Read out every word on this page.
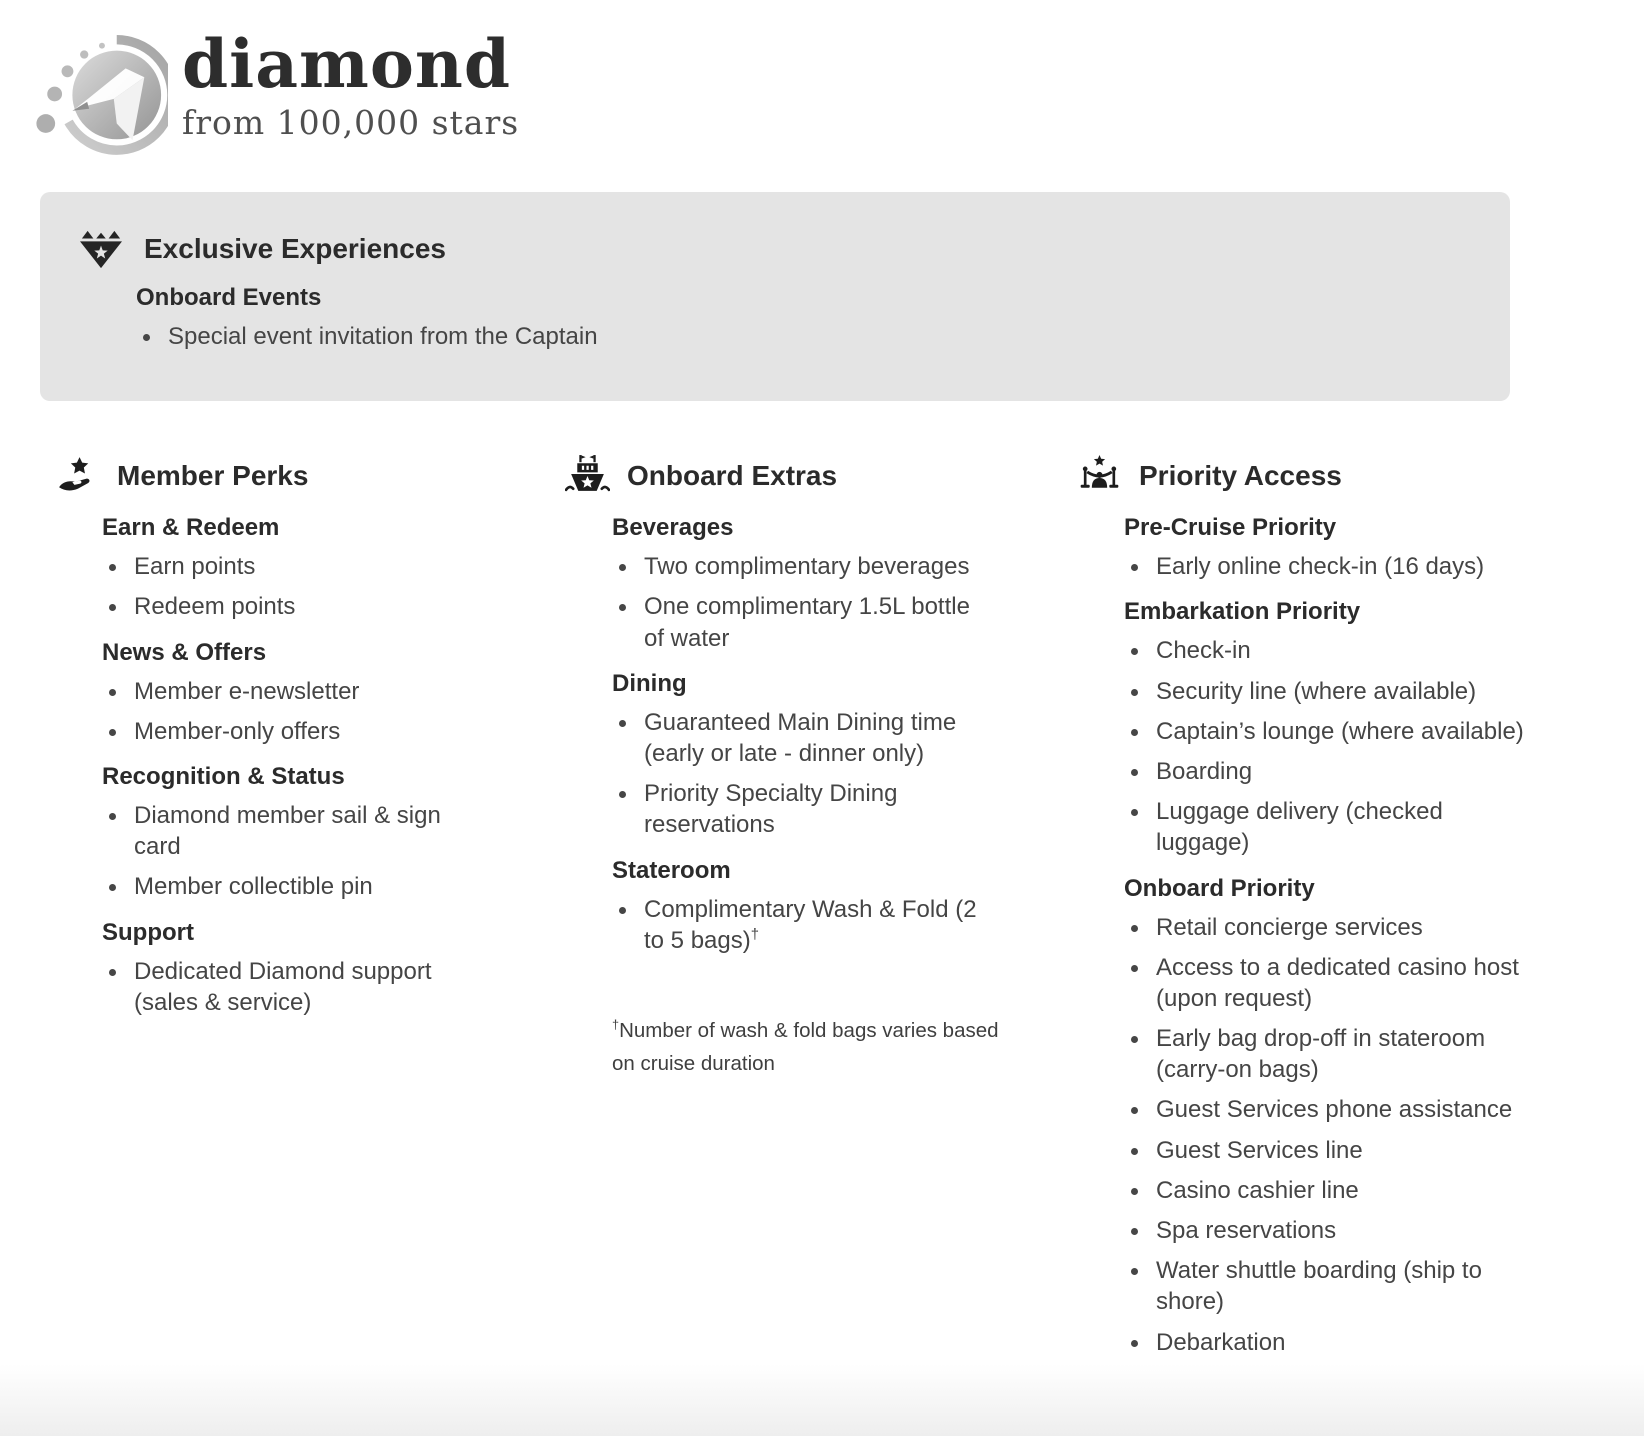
diamond
from 100,000 stars
Exclusive Experiences
Onboard Events
• Special event invitation from the Captain
Member Perks
Earn & Redeem
• Earn points
• Redeem points
News & Offers
• Member e-newsletter
• Member-only offers
Recognition & Status
• Diamond member sail & sign card
• Member collectible pin
Support
• Dedicated Diamond support (sales & service)
Onboard Extras
Beverages
• Two complimentary beverages
• One complimentary 1.5L bottle of water
Dining
• Guaranteed Main Dining time (early or late - dinner only)
• Priority Specialty Dining reservations
Stateroom
• Complimentary Wash & Fold (2 to 5 bags)†

†Number of wash & fold bags varies based on cruise duration

Priority Access
Pre-Cruise Priority
• Early online check-in (16 days)
Embarkation Priority
• Check-in
• Security line (where available)
• Captain’s lounge (where available)
• Boarding
• Luggage delivery (checked luggage)
Onboard Priority
• Retail concierge services
• Access to a dedicated casino host (upon request)
• Early bag drop-off in stateroom (carry-on bags)
• Guest Services phone assistance
• Guest Services line
• Casino cashier line
• Spa reservations
• Water shuttle boarding (ship to shore)
• Debarkation
